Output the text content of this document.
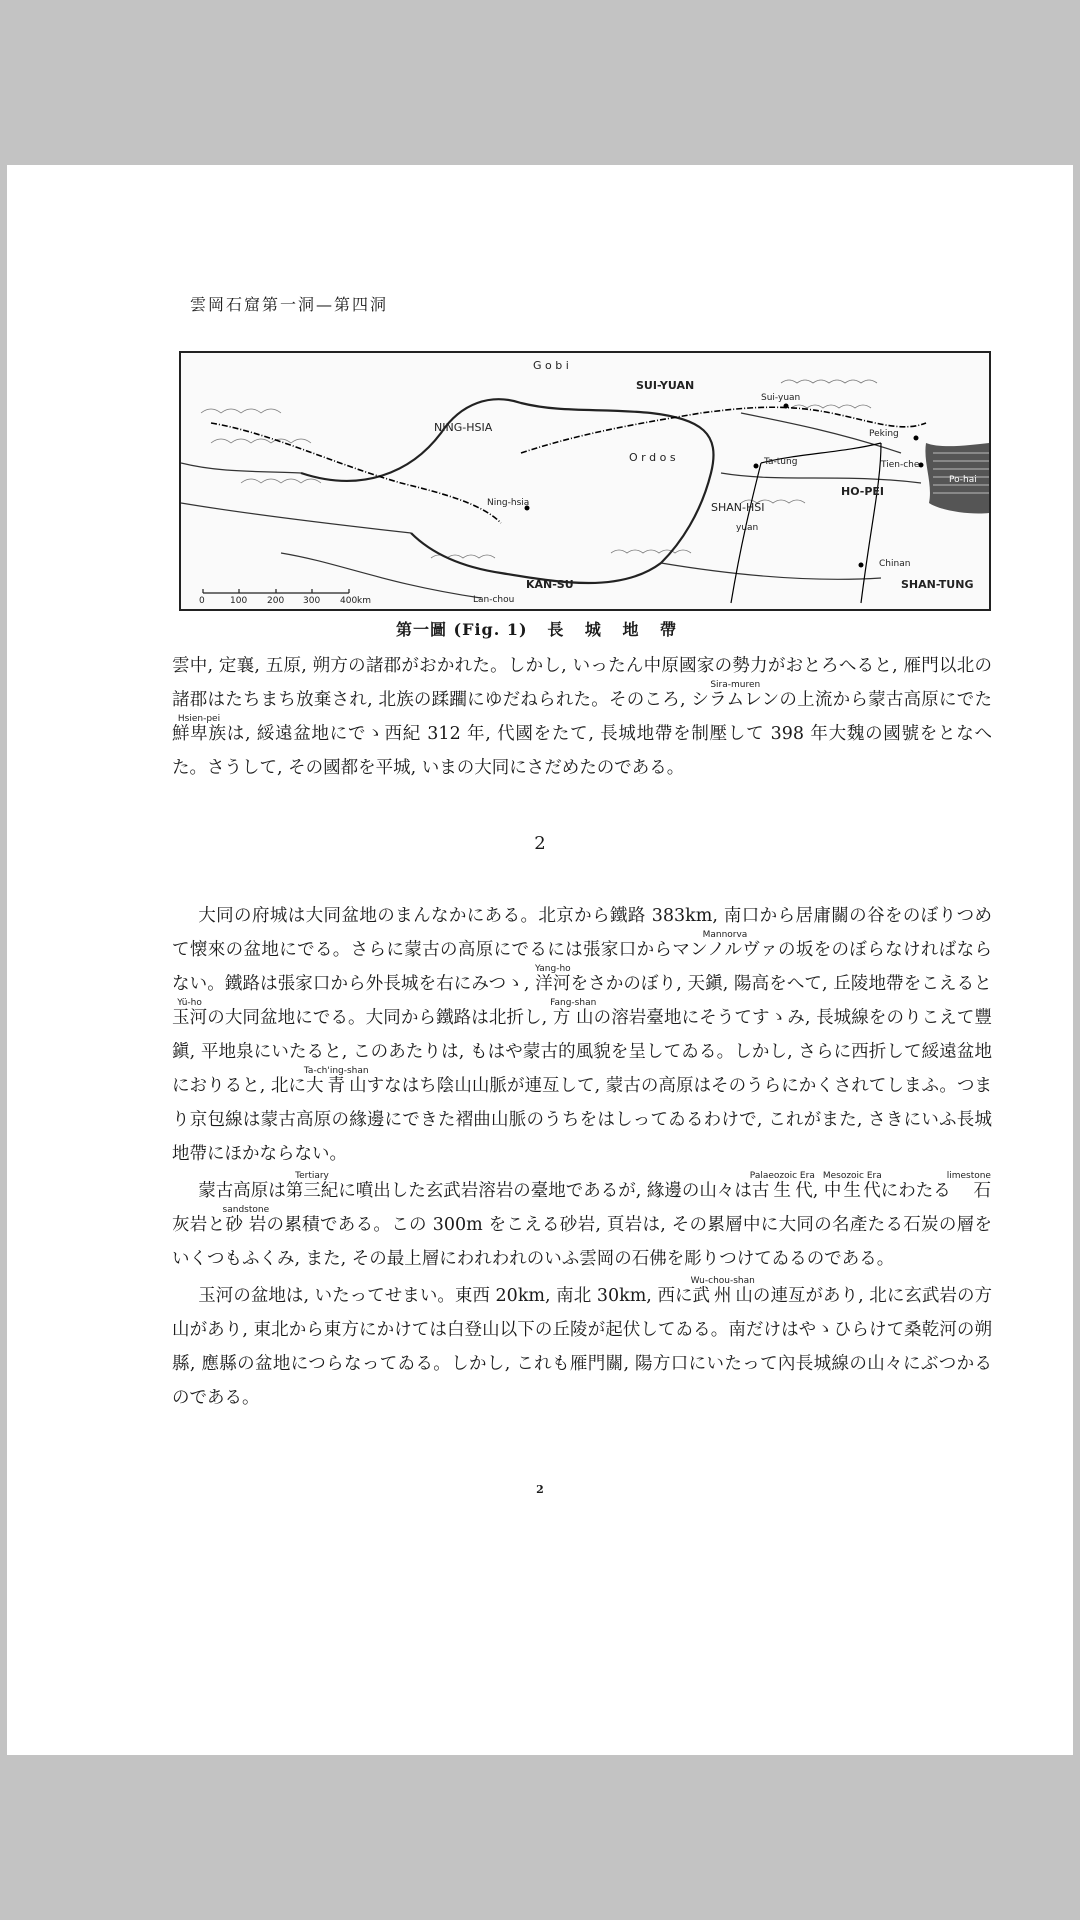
雲岡石窟第一洞—第四洞
G o b i
SUI-YUAN
NING-HSIA
O r d o s
SHAN-HSI
HO-PEI
KAN-SU	SHAN-TUNG
Peking
Sui-yuan
Ning-hsia
Tien-che
Lan-chou
yuan
Chinan
Ta-tung
Po-hai
0	100 200 300 400 km
第一圖 (Fig. 1) 長 城 地 帶

雲中, 定襄, 五原, 朔方の諸郡がおかれた。しかし, いったん中原國家の勢力がおとろへると, 雁門以北の諸郡はたちまち放棄され, 北族の蹂躙にゆだねられた。そのころ, シラムレンSira-murenの上流から蒙古高原にでた鮮卑族Hsien-peiは, 綏遠盆地にでゝ西紀 312 年, 代國をたて, 長城地帶を制壓して 398 年大魏の國號をとなへた。さうして, その國都を平城, いまの大同にさだめたのである。

2

大同の府城は大同盆地のまんなかにある。北京から鐵路 383km, 南口から居庸關の谷をのぼりつめて懐來の盆地にでる。さらに蒙古の高原にでるには張家口からマンノルヴァMannorvaの坂をのぼらなければならない。鐵路は張家口から外長城を右にみつゝ, 洋河Yang-hoをさかのぼり, 天鎭, 陽高をへて, 丘陵地帶をこえると玉河Yü-hoの大同盆地にでる。大同から鐵路は北折し, 方山Fang-shanの溶岩臺地にそうてすゝみ, 長城線をのりこえて豐鎭, 平地泉にいたると, このあたりは, もはや蒙古的風貌を呈してゐる。しかし, さらに西折して綏遠盆地におりると, 北に大青山Ta-ch'ing-shanすなはち陰山山脈が連亙して, 蒙古の高原はそのうらにかくされてしまふ。つまり京包線は蒙古高原の緣邊にできた褶曲山脈のうちをはしってゐるわけで, これがまた, さきにいふ長城地帶にほかならない。

蒙古高原は第三紀Tertiaryに噴出した玄武岩溶岩の臺地であるが, 緣邊の山々は古生代Palaeozoic Era, 中生代Mesozoic Eraにわたる石灰岩limestoneと砂岩sandstoneの累積である。この 300m をこえる砂岩, 頁岩は, その累層中に大同の名產たる石炭の層をいくつもふくみ, また, その最上層にわれわれのいふ雲岡の石佛を彫りつけてゐるのである。

玉河の盆地は, いたってせまい。東西 20km, 南北 30km, 西に武州山Wu-chou-shanの連亙があり, 北に玄武岩の方山があり, 東北から東方にかけては白登山以下の丘陵が起伏してゐる。南だけはやゝひらけて桑乾河の朔縣, 應縣の盆地につらなってゐる。しかし, これも雁門關, 陽方口にいたって內長城線の山々にぶつかるのである。

2
